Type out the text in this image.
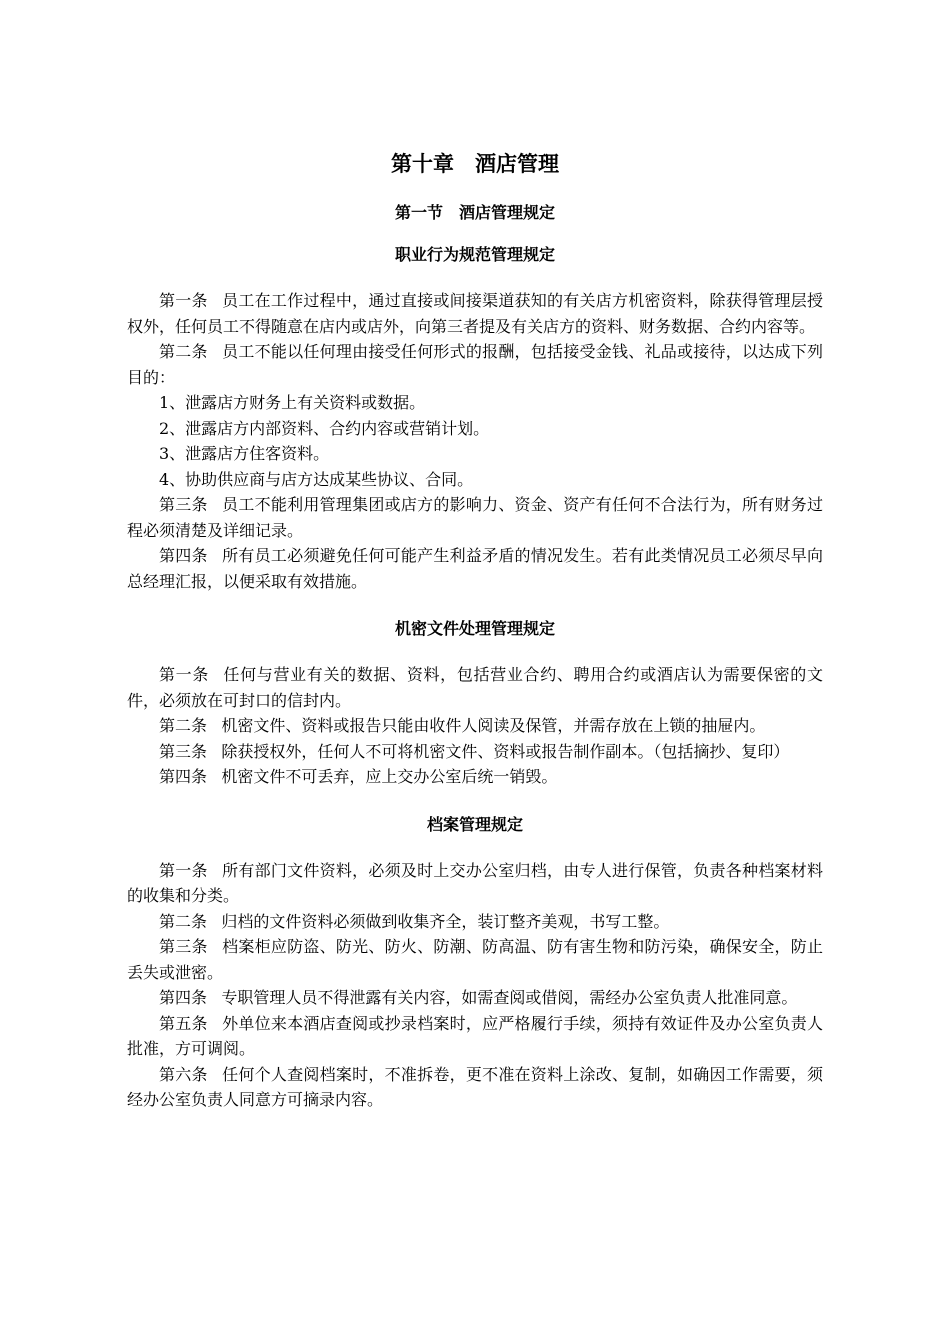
第十章　酒店管理
第一节　酒店管理规定
职业行为规范管理规定

第一条 员工在工作过程中，通过直接或间接渠道获知的有关店方机密资料，除获得管理层授权外，任何员工不得随意在店内或店外，向第三者提及有关店方的资料、财务数据、合约内容等。

第二条 员工不能以任何理由接受任何形式的报酬，包括接受金钱、礼品或接待，以达成下列目的：

1、泄露店方财务上有关资料或数据。

2、泄露店方内部资料、合约内容或营销计划。

3、泄露店方住客资料。

4、协助供应商与店方达成某些协议、合同。

第三条 员工不能利用管理集团或店方的影响力、资金、资产有任何不合法行为，所有财务过程必须清楚及详细记录。

第四条 所有员工必须避免任何可能产生利益矛盾的情况发生。若有此类情况员工必须尽早向总经理汇报，以便采取有效措施。

机密文件处理管理规定

第一条 任何与营业有关的数据、资料，包括营业合约、聘用合约或酒店认为需要保密的文件，必须放在可封口的信封内。

第二条 机密文件、资料或报告只能由收件人阅读及保管，并需存放在上锁的抽屉内。

第三条 除获授权外，任何人不可将机密文件、资料或报告制作副本。（包括摘抄、复印）

第四条 机密文件不可丢弃，应上交办公室后统一销毁。

档案管理规定

第一条 所有部门文件资料，必须及时上交办公室归档，由专人进行保管，负责各种档案材料的收集和分类。

第二条 归档的文件资料必须做到收集齐全，装订整齐美观，书写工整。

第三条 档案柜应防盗、防光、防火、防潮、防高温、防有害生物和防污染，确保安全，防止丢失或泄密。

第四条 专职管理人员不得泄露有关内容，如需查阅或借阅，需经办公室负责人批准同意。

第五条 外单位来本酒店查阅或抄录档案时，应严格履行手续，须持有效证件及办公室负责人批准，方可调阅。

第六条 任何个人查阅档案时，不准拆卷，更不准在资料上涂改、复制，如确因工作需要，须经办公室负责人同意方可摘录内容。
